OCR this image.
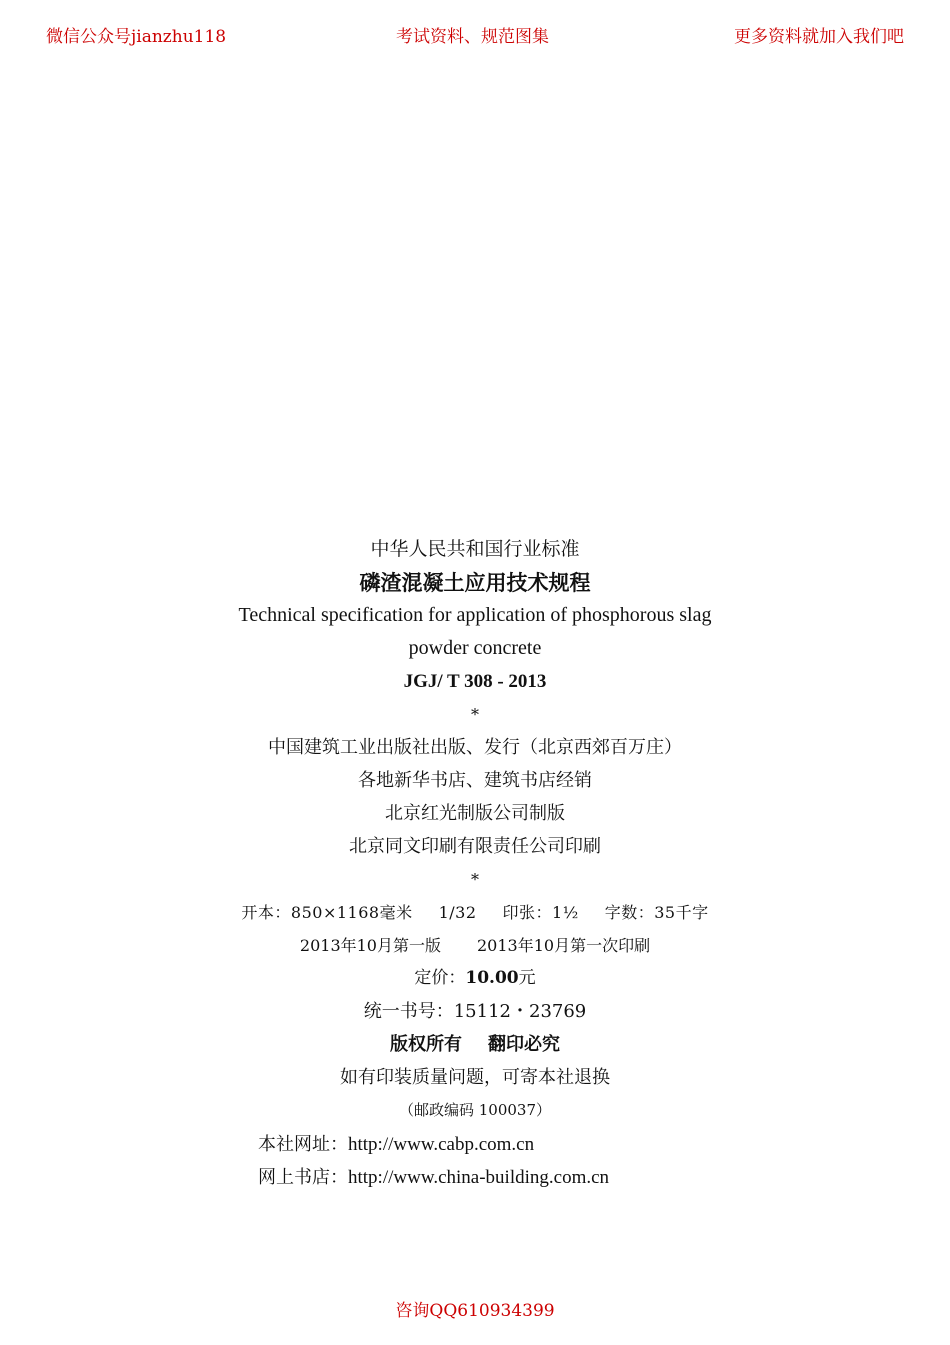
微信公众号jianzhu118	考试资料、规范图集	更多资料就加入我们吧
中华人民共和国行业标准
磷渣混凝土应用技术规程
Technical specification for application of phosphorous slag
powder concrete
JGJ/ T 308 - 2013
*
中国建筑工业出版社出版、发行（北京西郊百万庄）
各地新华书店、建筑书店经销
北京红光制版公司制版
北京同文印刷有限责任公司印刷
*
开本：850×1168毫米 1/32 印张：1½ 字数：35千字
2013年10月第一版 2013年10月第一次印刷
定价：10.00元
统一书号：15112・23769
版权所有 翻印必究
如有印装质量问题，可寄本社退换
（邮政编码 100037）
本社网址：http://www.cabp.com.cn
网上书店：http://www.china-building.com.cn
咨询QQ610934399
